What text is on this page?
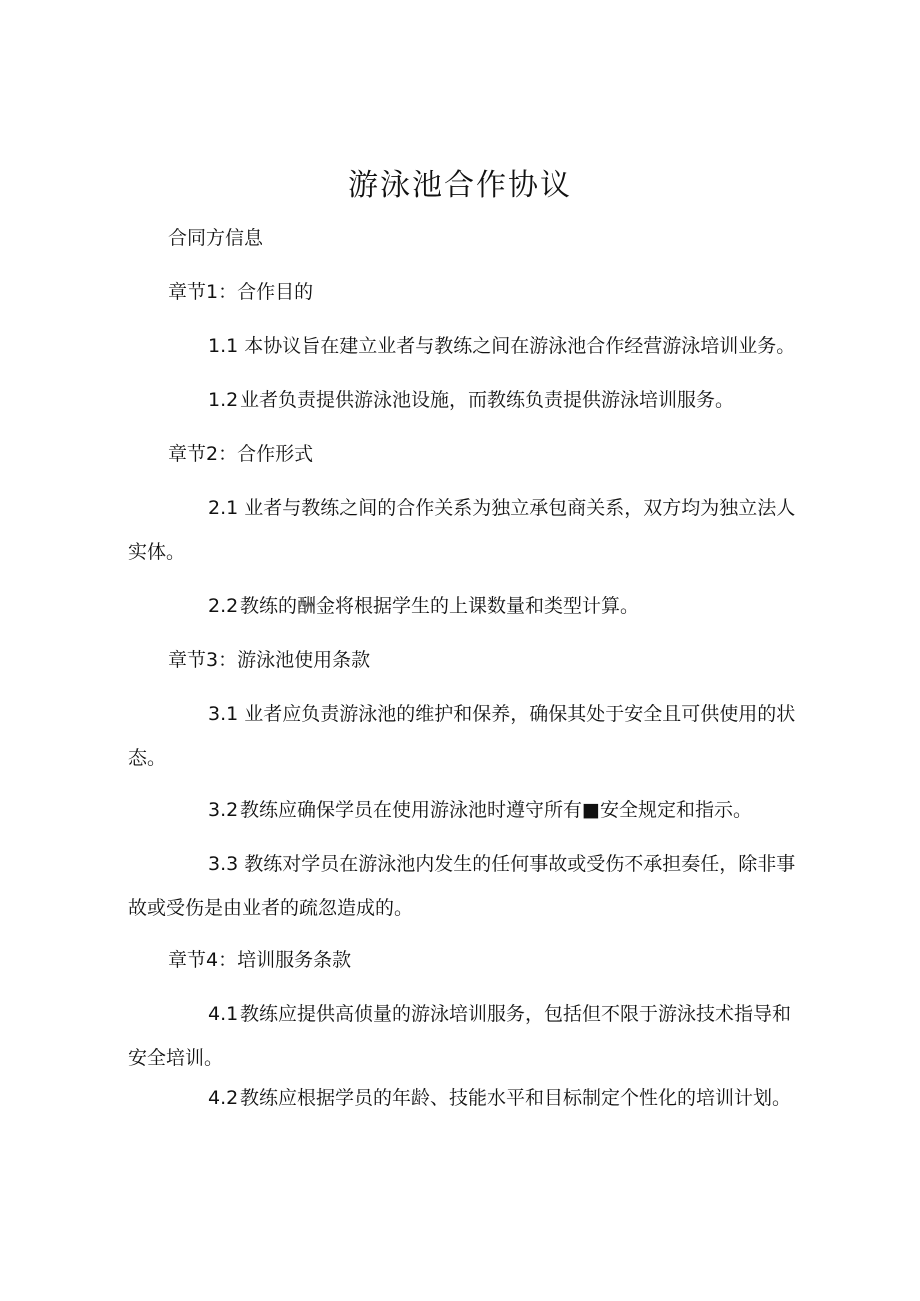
游泳池合作协议
合同方信息
章节1：合作目的
1.1 本协议旨在建立业者与教练之间在游泳池合作经营游泳培训业务。
1.2业者负责提供游泳池设施，而教练负责提供游泳培训服务。
章节2：合作形式
2.1 业者与教练之间的合作关系为独立承包商关系，双方均为独立法人实体。
2.2教练的酬金将根据学生的上课数量和类型计算。
章节3：游泳池使用条款
3.1 业者应负责游泳池的维护和保养，确保其处于安全且可供使用的状态。
3.2教练应确保学员在使用游泳池时遵守所有■安全规定和指示。
3.3 教练对学员在游泳池内发生的任何事故或受伤不承担奏任，除非事故或受伤是由业者的疏忽造成的。
章节4：培训服务条款
4.1教练应提供高侦量的游泳培训服务，包括但不限于游泳技术指导和安全培训。
4.2教练应根据学员的年龄、技能水平和目标制定个性化的培训计划。
